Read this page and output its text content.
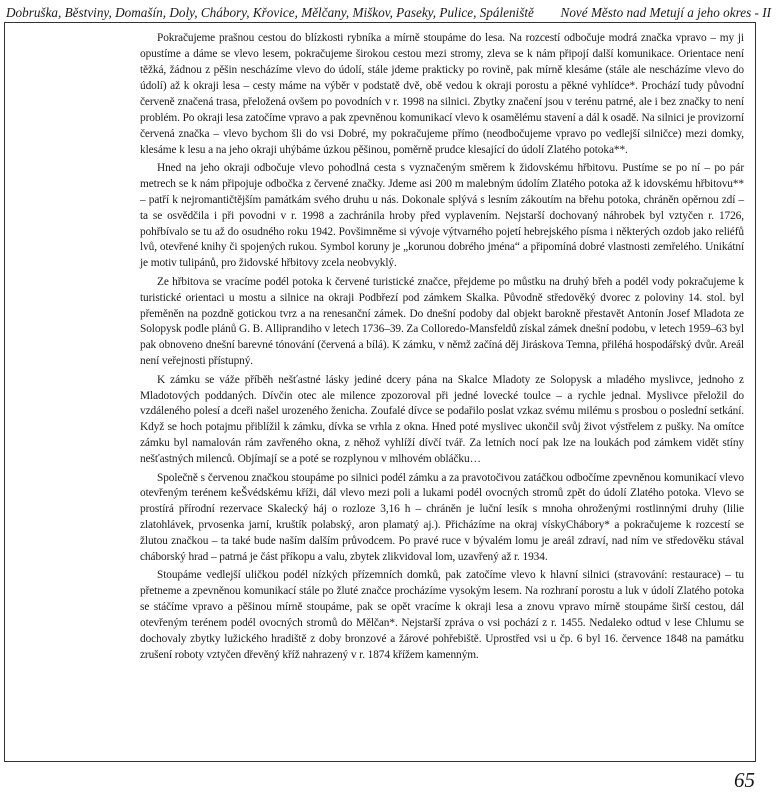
Dobruška, Běstviny, Domašín, Doly, Chábory, Křovice, Mělčany, Miškov, Paseky, Pulice, Spáleniště Nové Město nad Metují a jeho okres - II

Pokračujeme prašnou cestou do blízkosti rybníka a mírně stoupáme do lesa. Na rozcestí odbočuje modrá značka vpravo – my ji opustíme a dáme se vlevo lesem, pokračujeme širokou cestou mezi stromy, zleva se k nám připojí další komunikace. Orientace není těžká, žádnou z pěšin nescházíme vlevo do údolí, stále jdeme prakticky po rovině, pak mírně klesáme (stále ale nescházíme vlevo do údolí) až k okraji lesa – cesty máme na výběr v podstatě dvě, obě vedou k okraji porostu a pěkné vyhlídce*. Prochází tudy původní červeně značená trasa, přeložená ovšem po povodních v r. 1998 na silnici. Zbytky značení jsou v terénu patrné, ale i bez značky to není problém. Po okraji lesa zatočíme vpravo a pak zpevněnou komunikací vlevo k osamělému stavení a dál k osadě. Na silnici je provizorní červená značka – vlevo bychom šli do vsi Dobré, my pokračujeme přímo (neodbočujeme vpravo po vedlejší silničce) mezi domky, klesáme k lesu a na jeho okraji uhýbáme úzkou pěšinou, poměrně prudce klesající do údolí Zlatého potoka**.

Hned na jeho okraji odbočuje vlevo pohodlná cesta s vyznačeným směrem k židovskému hřbitovu. Pustíme se po ní – po pár metrech se k nám připojuje odbočka z červené značky. Jdeme asi 200 m malebným údolím Zlatého potoka až k idovskému hřbitovu** – patří k nejromantičtějším památkám svého druhu u nás. Dokonale splývá s lesním zákoutím na břehu potoka, chráněn opěrnou zdí – ta se osvědčila i při povodni v r. 1998 a zachránila hroby před vyplavením. Nejstarší dochovaný náhrobek byl vztyčen r. 1726, pohřbívalo se tu až do osudného roku 1942. Povšimněme si vývoje výtvarného pojetí hebrejského písma i některých ozdob jako reliéfů lvů, otevřené knihy či spojených rukou. Symbol koruny je „korunou dobrého jména“ a připomíná dobré vlastnosti zemřelého. Unikátní je motiv tulipánů, pro židovské hřbitovy zcela neobvyklý.

Ze hřbitova se vracíme podél potoka k červené turistické značce, přejdeme po můstku na druhý břeh a podél vody pokračujeme k turistické orientaci u mostu a silnice na okraji Podbřezí pod zámkem Skalka. Původně středověký dvorec z poloviny 14. stol. byl přeměněn na pozdně gotickou tvrz a na renesanční zámek. Do dnešní podoby dal objekt barokně přestavět Antonín Josef Mladota ze Solopysk podle plánů G. B. Alliprandiho v letech 1736–39. Za Colloredo-Mansfeldů získal zámek dnešní podobu, v letech 1959–63 byl pak obnoveno dnešní barevné tónování (červená a bílá). K zámku, v němž začíná děj Jiráskova Temna, přiléhá hospodářský dvůr. Areál není veřejnosti přístupný.

K zámku se váže příběh nešťastné lásky jediné dcery pána na Skalce Mladoty ze Solopysk a mladého myslivce, jednoho z Mladotových poddaných. Dívčin otec ale milence zpozoroval při jedné lovecké toulce – a rychle jednal. Myslivce přeložil do vzdáleného polesí a dceři našel urozeného ženicha. Zoufalé dívce se podařilo poslat vzkaz svému milému s prosbou o poslední setkání. Když se hoch potajmu přiblížil k zámku, dívka se vrhla z okna. Hned poté myslivec ukončil svůj život výstřelem z pušky. Na omítce zámku byl namalován rám zavřeného okna, z něhož vyhlíží dívčí tvář. Za letních nocí pak lze na loukách pod zámkem vidět stíny nešťastných milenců. Objímají se a poté se rozplynou v mlhovém obláčku…

Společně s červenou značkou stoupáme po silnici podél zámku a za pravotočivou zatáčkou odbočíme zpevněnou komunikací vlevo otevřeným terénem keŠvédskému kříži, dál vlevo mezi poli a lukami podél ovocných stromů zpět do údolí Zlatého potoka. Vlevo se prostírá přírodní rezervace Skalecký háj o rozloze 3,16 h – chráněn je luční lesík s mnoha ohroženými rostlinnými druhy (lilie zlatohlávek, prvosenka jarní, kruštík polabský, aron plamatý aj.). Přicházíme na okraj vískyChábory* a pokračujeme k rozcestí se žlutou značkou – ta také bude naším dalším průvodcem. Po pravé ruce v bývalém lomu je areál zdraví, nad ním ve středověku stával cháborský hrad – patrná je část příkopu a valu, zbytek zlikvidoval lom, uzavřený až r. 1934.

Stoupáme vedlejší uličkou podél nízkých přízemních domků, pak zatočíme vlevo k hlavní silnici (stravování: restaurace) – tu přetneme a zpevněnou komunikací stále po žluté značce procházíme vysokým lesem. Na rozhraní porostu a luk v údolí Zlatého potoka se stáčíme vpravo a pěšinou mírně stoupáme, pak se opět vracíme k okraji lesa a znovu vpravo mírně stoupáme širší cestou, dál otevřeným terénem podél ovocných stromů do Mělčan*. Nejstarší zpráva o vsi pochází z r. 1455. Nedaleko odtud v lese Chlumu se dochovaly zbytky lužického hradiště z doby bronzové a žárové pohřebiště. Uprostřed vsi u čp. 6 byl 16. července 1848 na památku zrušení roboty vztyčen dřevěný kříž nahrazený v r. 1874 křížem kamenným.

65
